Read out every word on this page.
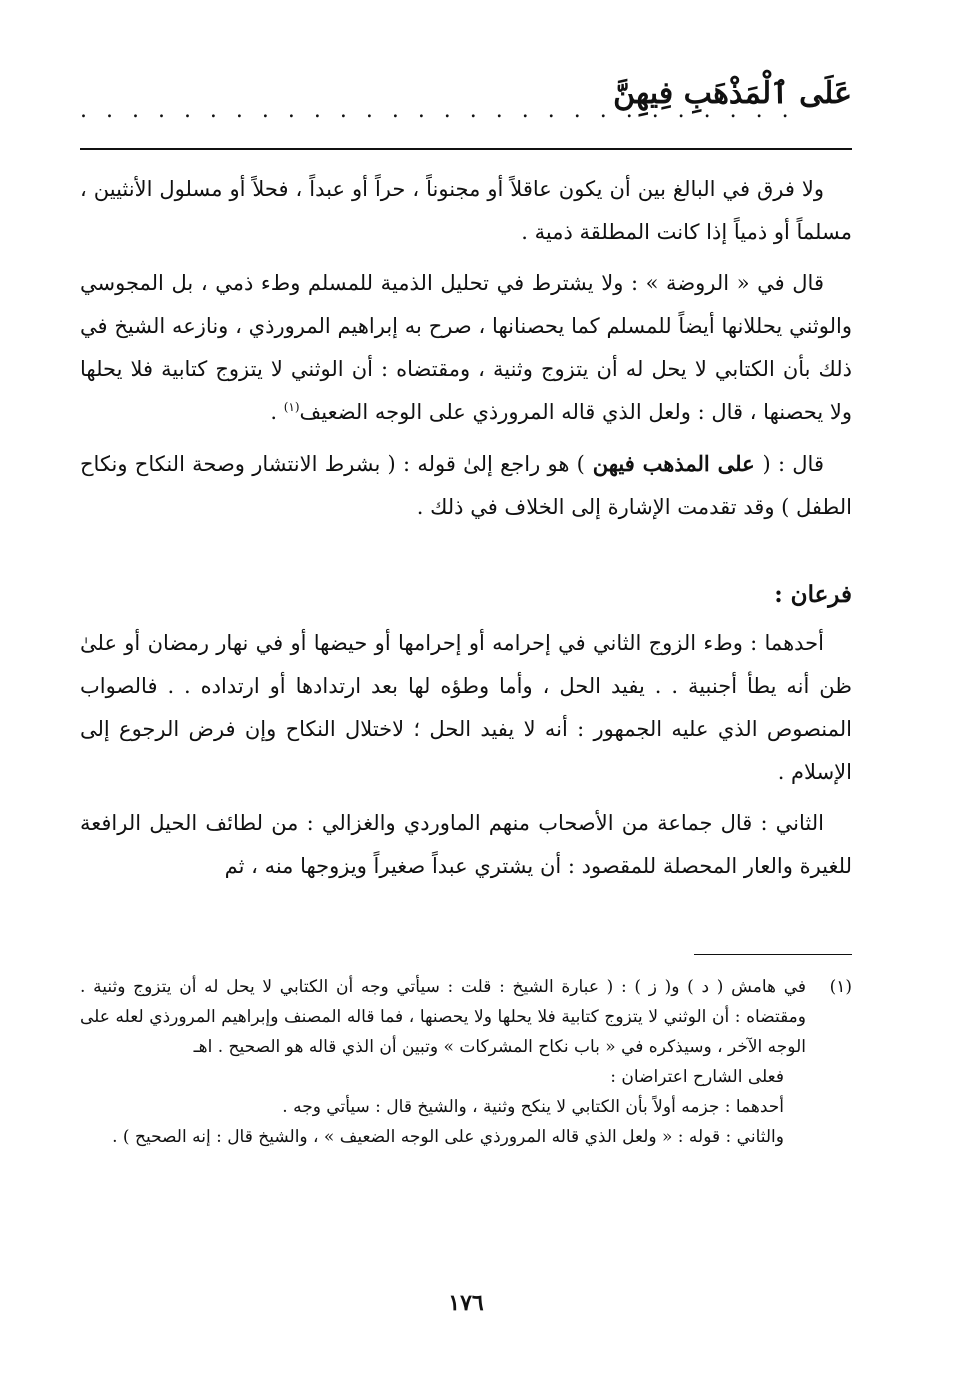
عَلَى ٱلْمَذْهَبِ فِيهِنَّ
. . . . . . . . . . . . . . . . . . . . . . . . . . . .

ولا فرق في البالغ بين أن يكون عاقلاً أو مجنوناً ، حراً أو عبداً ، فحلاً أو مسلول الأنثيين ، مسلماً أو ذمياً إذا كانت المطلقة ذمية .

قال في « الروضة » : ولا يشترط في تحليل الذمية للمسلم وطء ذمي ، بل المجوسي والوثني يحللانها أيضاً للمسلم كما يحصنانها ، صرح به إبراهيم المرورذي ، ونازعه الشيخ في ذلك بأن الكتابي لا يحل له أن يتزوج وثنية ، ومقتضاه : أن الوثني لا يتزوج كتابية فلا يحلها ولا يحصنها ، قال : ولعل الذي قاله المرورذي على الوجه الضعيف$^{(١)}$ .

قال : ( على المذهب فيهن ) هو راجع إلىٰ قوله : ( بشرط الانتشار وصحة النكاح ونكاح الطفل ) وقد تقدمت الإشارة إلى الخلاف في ذلك .

فرعان :

أحدهما : وطء الزوج الثاني في إحرامه أو إحرامها أو حيضها أو في نهار رمضان أو علىٰ ظن أنه يطأ أجنبية . . يفيد الحل ، وأما وطؤه لها بعد ارتدادها أو ارتداده . . فالصواب المنصوص الذي عليه الجمهور : أنه لا يفيد الحل ؛ لاختلال النكاح وإن فرض الرجوع إلى الإسلام .

الثاني : قال جماعة من الأصحاب منهم الماوردي والغزالي : من لطائف الحيل الرافعة للغيرة والعار المحصلة للمقصود : أن يشتري عبداً صغيراً ويزوجها منه ، ثم

(١)
في هامش ( د ) و( ز ) : ( عبارة الشيخ : قلت : سيأتي وجه أن الكتابي لا يحل له أن يتزوج وثنية . ومقتضاه : أن الوثني لا يتزوج كتابية فلا يحلها ولا يحصنها ، فما قاله المصنف وإبراهيم المرورذي لعله على الوجه الآخر ، وسيذكره في « باب نكاح المشركات » وتبين أن الذي قاله هو الصحيح . اهـ

فعلى الشارح اعتراضان :

أحدهما : جزمه أولاً بأن الكتابي لا ينكح وثنية ، والشيخ قال : سيأتي وجه .

والثاني : قوله : « ولعل الذي قاله المرورذي على الوجه الضعيف » ، والشيخ قال : إنه الصحيح ) .

١٧٦
